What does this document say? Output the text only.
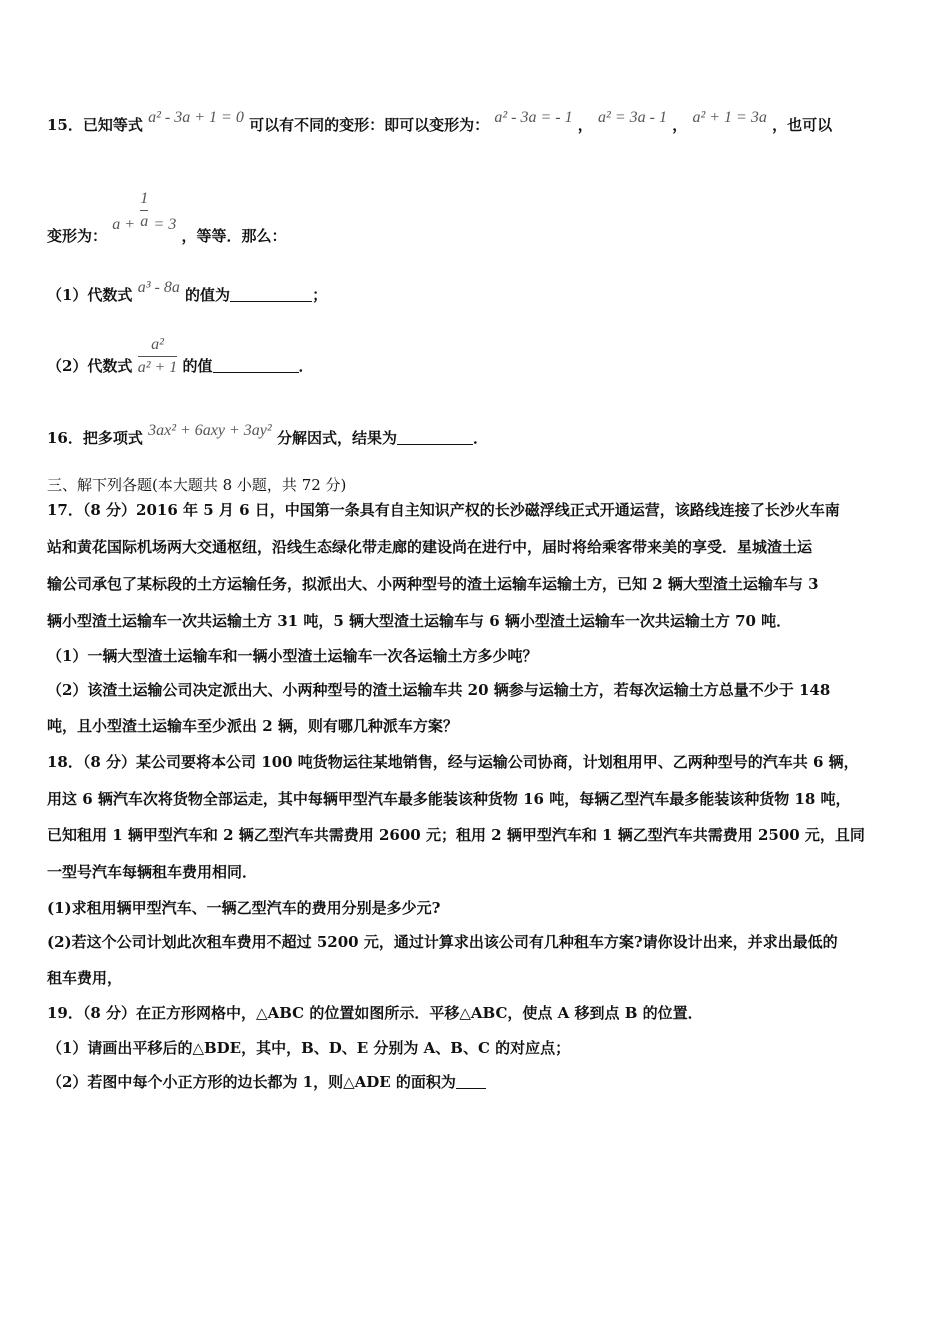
15．已知等式 a² - 3a + 1 = 0 可以有不同的变形：即可以变形为： a² - 3a = - 1 ， a² = 3a - 1 ， a² + 1 = 3a ，也可以
变形为： $a + \frac{1}{a} = 3$ ，等等．那么：
（1）代数式 a³ - 8a 的值为	；
（2）代数式 $\frac{\text{a²}}{\text{a² + 1}}$ 的值	．
16．把多项式 3ax² + 6axy + 3ay² 分解因式，结果为	．
三、解下列各题(本大题共 8 小题，共 72 分)
17．（8 分）2016 年 5 月 6 日，中国第一条具有自主知识产权的长沙磁浮线正式开通运营，该路线连接了长沙火车南
站和黄花国际机场两大交通枢纽，沿线生态绿化带走廊的建设尚在进行中，届时将给乘客带来美的享受．星城渣土运
输公司承包了某标段的土方运输任务，拟派出大、小两种型号的渣土运输车运输土方，已知 2 辆大型渣土运输车与 3
辆小型渣土运输车一次共运输土方 31 吨，5 辆大型渣土运输车与 6 辆小型渣土运输车一次共运输土方 70 吨．
（1）一辆大型渣土运输车和一辆小型渣土运输车一次各运输土方多少吨？
（2）该渣土运输公司决定派出大、小两种型号的渣土运输车共 20 辆参与运输土方，若每次运输土方总量不少于 148
吨，且小型渣土运输车至少派出 2 辆，则有哪几种派车方案？
18．（8 分）某公司要将本公司 100 吨货物运往某地销售，经与运输公司协商，计划租用甲、乙两种型号的汽车共 6 辆，
用这 6 辆汽车次将货物全部运走，其中每辆甲型汽车最多能装该种货物 16 吨，每辆乙型汽车最多能装该种货物 18 吨，
已知租用 1 辆甲型汽车和 2 辆乙型汽车共需费用 2600 元；租用 2 辆甲型汽车和 1 辆乙型汽车共需费用 2500 元，且同
一型号汽车每辆租车费用相同．
(1)求租用辆甲型汽车、一辆乙型汽车的费用分别是多少元?
(2)若这个公司计划此次租车费用不超过 5200 元，通过计算求出该公司有几种租车方案?请你设计出来，并求出最低的
租车费用，
19．（8 分）在正方形网格中，△ABC 的位置如图所示．平移△ABC，使点 A 移到点 B 的位置．
（1）请画出平移后的△BDE，其中，B、D、E 分别为 A、B、C 的对应点；
（2）若图中每个小正方形的边长都为 1，则△ADE 的面积为
